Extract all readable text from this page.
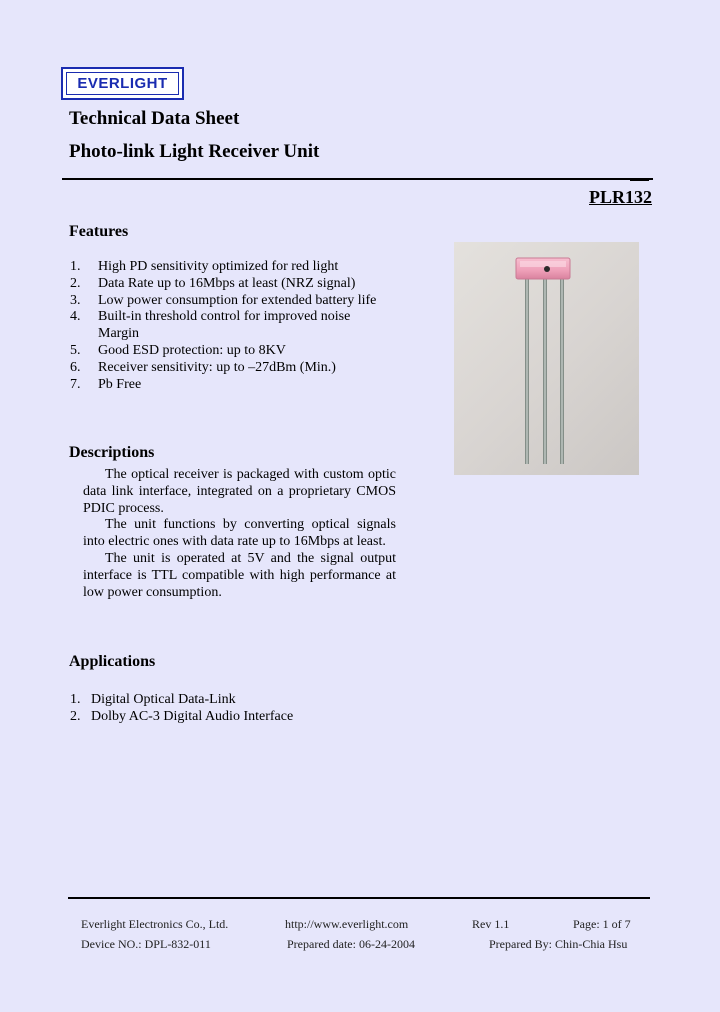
EVERLIGHT
Technical Data Sheet
Photo-link Light Receiver Unit
PLR132
Features
1.	High PD sensitivity optimized for red light
2.	Data Rate up to 16Mbps at least (NRZ signal)
3.	Low power consumption for extended battery life
4.	Built-in threshold control for improved noise Margin
5.	Good ESD protection: up to 8KV
6.	Receiver sensitivity: up to –27dBm (Min.)
7.	Pb Free
Descriptions

The optical receiver is packaged with custom optic data link interface, integrated on a proprietary CMOS PDIC process.

The unit functions by converting optical signals into electric ones with data rate up to 16Mbps at least.

The unit is operated at 5V and the signal output interface is TTL compatible with high performance at low power consumption.

Applications
1. Digital Optical Data-Link
2. Dolby AC-3 Digital Audio Interface
Everlight Electronics Co., Ltd.	http://www.everlight.com	Rev 1.1	Page: 1 of 7
Device NO.: DPL-832-011	Prepared date: 06-24-2004	Prepared By: Chin-Chia Hsu
